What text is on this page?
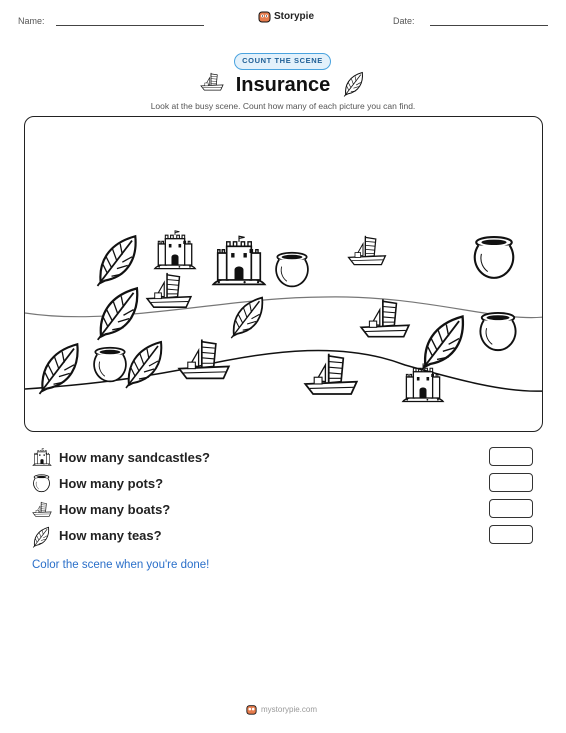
Name:	Storypie	Date:
COUNT THE SCENE
Insurance
Look at the busy scene. Count how many of each picture you can find.
How many sandcastles?
How many pots?
How many boats?
How many teas?
Color the scene when you're done!
mystorypie.com
